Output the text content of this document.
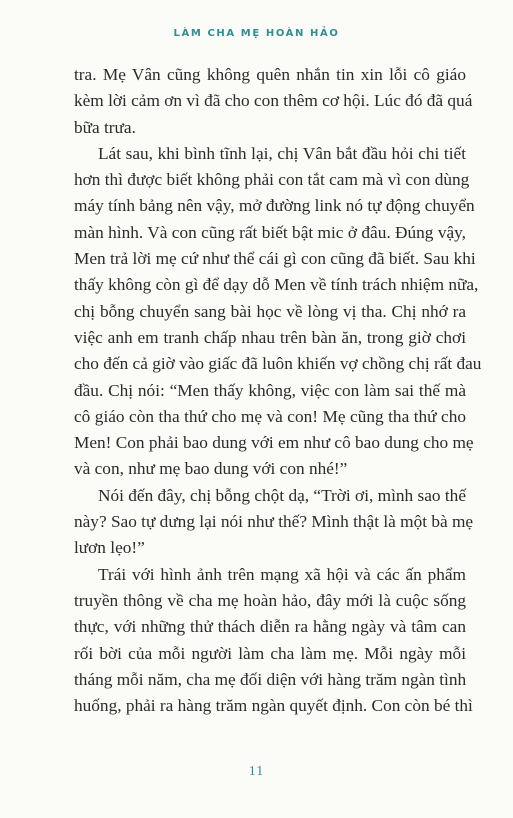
LÀM CHA MẸ HOÀN HẢO
tra. Mẹ Vân cũng không quên nhắn tin xin lỗi cô giáo
kèm lời cảm ơn vì đã cho con thêm cơ hội. Lúc đó đã quá
bữa trưa.
Lát sau, khi bình tĩnh lại, chị Vân bắt đầu hỏi chi tiết
hơn thì được biết không phải con tắt cam mà vì con dùng
máy tính bảng nên vậy, mở đường link nó tự động chuyển
màn hình. Và con cũng rất biết bật mic ở đâu. Đúng vậy,
Men trả lời mẹ cứ như thể cái gì con cũng đã biết. Sau khi
thấy không còn gì để dạy dỗ Men về tính trách nhiệm nữa,
chị bỗng chuyển sang bài học về lòng vị tha. Chị nhớ ra
việc anh em tranh chấp nhau trên bàn ăn, trong giờ chơi
cho đến cả giờ vào giấc đã luôn khiến vợ chồng chị rất đau
đầu. Chị nói: “Men thấy không, việc con làm sai thế mà
cô giáo còn tha thứ cho mẹ và con! Mẹ cũng tha thứ cho
Men! Con phải bao dung với em như cô bao dung cho mẹ
và con, như mẹ bao dung với con nhé!”
Nói đến đây, chị bỗng chột dạ, “Trời ơi, mình sao thế
này? Sao tự dưng lại nói như thế? Mình thật là một bà mẹ
lươn lẹo!”
Trái với hình ảnh trên mạng xã hội và các ấn phẩm
truyền thông về cha mẹ hoàn hảo, đây mới là cuộc sống
thực, với những thử thách diễn ra hằng ngày và tâm can
rối bời của mỗi người làm cha làm mẹ. Mỗi ngày mỗi
tháng mỗi năm, cha mẹ đối diện với hàng trăm ngàn tình
huống, phải ra hàng trăm ngàn quyết định. Con còn bé thì
11
